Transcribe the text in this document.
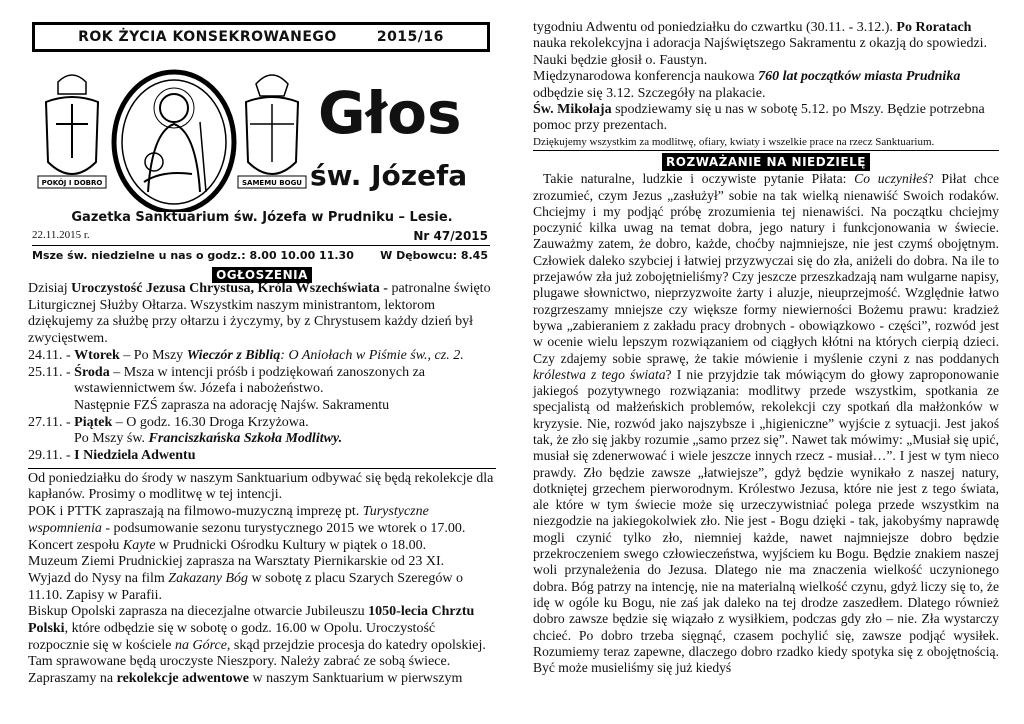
ROK ŻYCIA KONSEKROWANEGO	2015/16
POKÓJ I DOBRO	SAMEMU BOGU
Głos
św. Józefa
Gazetka Sanktuarium św. Józefa w Prudniku – Lesie.
22.11.2015 r.	Nr 47/2015
Msze św. niedzielne u nas o godz.: 8.00 10.00 11.30 W Dębowcu: 8.45
OGŁOSZENIA

Dzisiaj Uroczystość Jezusa Chrystusa, Króla Wszechświata - patronalne święto Liturgicznej Służby Ołtarza. Wszystkim naszym ministrantom, lektorom dziękujemy za służbę przy ołtarzu i życzymy, by z Chrystusem każdy dzień był zwycięstwem.

24.11. - Wtorek – Po Mszy Wieczór z Biblią: O Aniołach w Piśmie św., cz. 2.

25.11. - Środa – Msza w intencji próśb i podziękowań zanoszonych za

wstawiennictwem św. Józefa i nabożeństwo.

Następnie FZŚ zaprasza na adorację Najśw. Sakramentu

27.11. - Piątek – O godz. 16.30 Droga Krzyżowa.

Po Mszy św. Franciszkańska Szkoła Modlitwy.

29.11. - I Niedziela Adwentu

Od poniedziałku do środy w naszym Sanktuarium odbywać się będą rekolekcje dla kapłanów. Prosimy o modlitwę w tej intencji.

POK i PTTK zapraszają na filmowo-muzyczną imprezę pt. Turystyczne wspomnienia - podsumowanie sezonu turystycznego 2015 we wtorek o 17.00.

Koncert zespołu Kayte w Prudnicki Ośrodku Kultury w piątek o 18.00.

Muzeum Ziemi Prudnickiej zaprasza na Warsztaty Piernikarskie od 23 XI.

Wyjazd do Nysy na film Zakazany Bóg w sobotę z placu Szarych Szeregów o 11.10. Zapisy w Parafii.

Biskup Opolski zaprasza na diecezjalne otwarcie Jubileuszu 1050-lecia Chrztu Polski, które odbędzie się w sobotę o godz. 16.00 w Opolu. Uroczystość rozpocznie się w kościele na Górce, skąd przejdzie procesja do katedry opolskiej. Tam sprawowane będą uroczyste Nieszpory. Należy zabrać ze sobą świece.

Zapraszamy na rekolekcje adwentowe w naszym Sanktuarium w pierwszym

tygodniu Adwentu od poniedziałku do czwartku (30.11. - 3.12.). Po Roratach nauka rekolekcyjna i adoracja Najświętszego Sakramentu z okazją do spowiedzi. Nauki będzie głosił o. Faustyn.

Międzynarodowa konferencja naukowa 760 lat początków miasta Prudnika odbędzie się 3.12. Szczegóły na plakacie.

Św. Mikołaja spodziewamy się u nas w sobotę 5.12. po Mszy. Będzie potrzebna pomoc przy prezentach.

Dziękujemy wszystkim za modlitwę, ofiary, kwiaty i wszelkie prace na rzecz Sanktuarium.

ROZWAŻANIE NA NIEDZIELĘ

Takie naturalne, ludzkie i oczywiste pytanie Piłata: Co uczyniłeś? Piłat chce zrozumieć, czym Jezus „zasłużył” sobie na tak wielką nienawiść Swoich rodaków. Chciejmy i my podjąć próbę zrozumienia tej nienawiści. Na początku chciejmy poczynić kilka uwag na temat dobra, jego natury i funkcjonowania w świecie. Zauważmy zatem, że dobro, każde, choćby najmniejsze, nie jest czymś obojętnym. Człowiek daleko szybciej i łatwiej przyzwyczai się do zła, aniżeli do dobra. Na ile to przejawów zła już zobojętnieliśmy? Czy jeszcze przeszkadzają nam wulgarne napisy, plugawe słownictwo, nieprzyzwoite żarty i aluzje, nieuprzejmość. Względnie łatwo rozgrzeszamy mniejsze czy większe formy niewierności Bożemu prawu: kradzież bywa „zabieraniem z zakładu pracy drobnych - obowiązkowo - części”, rozwód jest w ocenie wielu lepszym rozwiązaniem od ciągłych kłótni na których cierpią dzieci. Czy zdajemy sobie sprawę, że takie mówienie i myślenie czyni z nas poddanych królestwa z tego świata? I nie przyjdzie tak mówiącym do głowy zaproponowanie jakiegoś pozytywnego rozwiązania: modlitwy przede wszystkim, spotkania ze specjalistą od małżeńskich problemów, rekolekcji czy spotkań dla małżonków w kryzysie. Nie, rozwód jako najszybsze i „higieniczne” wyjście z sytuacji. Jest jakoś tak, że zło się jakby rozumie „samo przez się”. Nawet tak mówimy: „Musiał się upić, musiał się zdenerwować i wiele jeszcze innych rzecz - musiał…”. I jest w tym nieco prawdy. Zło będzie zawsze „łatwiejsze”, gdyż będzie wynikało z naszej natury, dotkniętej grzechem pierworodnym. Królestwo Jezusa, które nie jest z tego świata, ale które w tym świecie może się urzeczywistniać polega przede wszystkim na niezgodzie na jakiegokolwiek zło. Nie jest - Bogu dzięki - tak, jakobyśmy naprawdę mogli czynić tylko zło, niemniej każde, nawet najmniejsze dobro będzie przekroczeniem swego człowieczeństwa, wyjściem ku Bogu. Będzie znakiem naszej woli przynależenia do Jezusa. Dlatego nie ma znaczenia wielkość uczynionego dobra. Bóg patrzy na intencję, nie na materialną wielkość czynu, gdyż liczy się to, że idę w ogóle ku Bogu, nie zaś jak daleko na tej drodze zaszedłem. Dlatego również dobro zawsze będzie się wiązało z wysiłkiem, podczas gdy zło – nie. Zła wystarczy chcieć. Po dobro trzeba sięgnąć, czasem pochylić się, zawsze podjąć wysiłek. Rozumiemy teraz zapewne, dlaczego dobro rzadko kiedy spotyka się z obojętnością. Być może musieliśmy się już kiedyś
